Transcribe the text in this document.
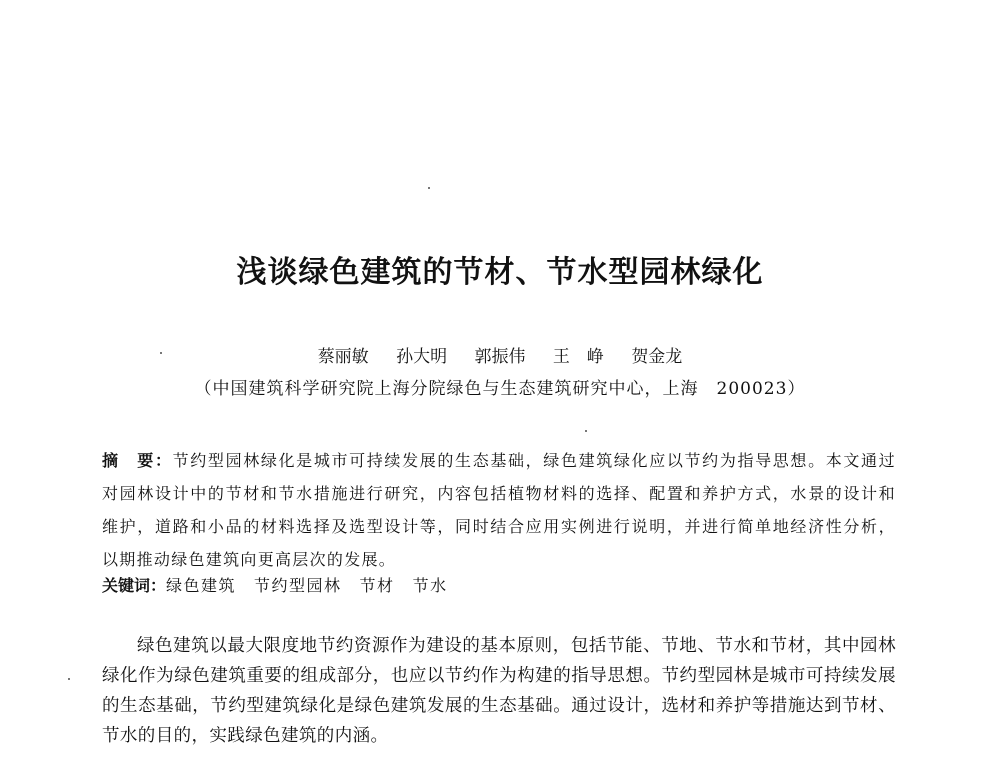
浅谈绿色建筑的节材、节水型园林绿化
蔡丽敏 孙大明 郭振伟 王　峥 贺金龙
（中国建筑科学研究院上海分院绿色与生态建筑研究中心，上海　200023）

摘　要：节约型园林绿化是城市可持续发展的生态基础，绿色建筑绿化应以节约为指导思想。本文通过对园林设计中的节材和节水措施进行研究，内容包括植物材料的选择、配置和养护方式，水景的设计和维护，道路和小品的材料选择及选型设计等，同时结合应用实例进行说明，并进行简单地经济性分析，以期推动绿色建筑向更高层次的发展。

关键词：绿色建筑 节约型园林 节材 节水

绿色建筑以最大限度地节约资源作为建设的基本原则，包括节能、节地、节水和节材，其中园林绿化作为绿色建筑重要的组成部分，也应以节约作为构建的指导思想。节约型园林是城市可持续发展的生态基础，节约型建筑绿化是绿色建筑发展的生态基础。通过设计，选材和养护等措施达到节材、节水的目的，实践绿色建筑的内涵。
